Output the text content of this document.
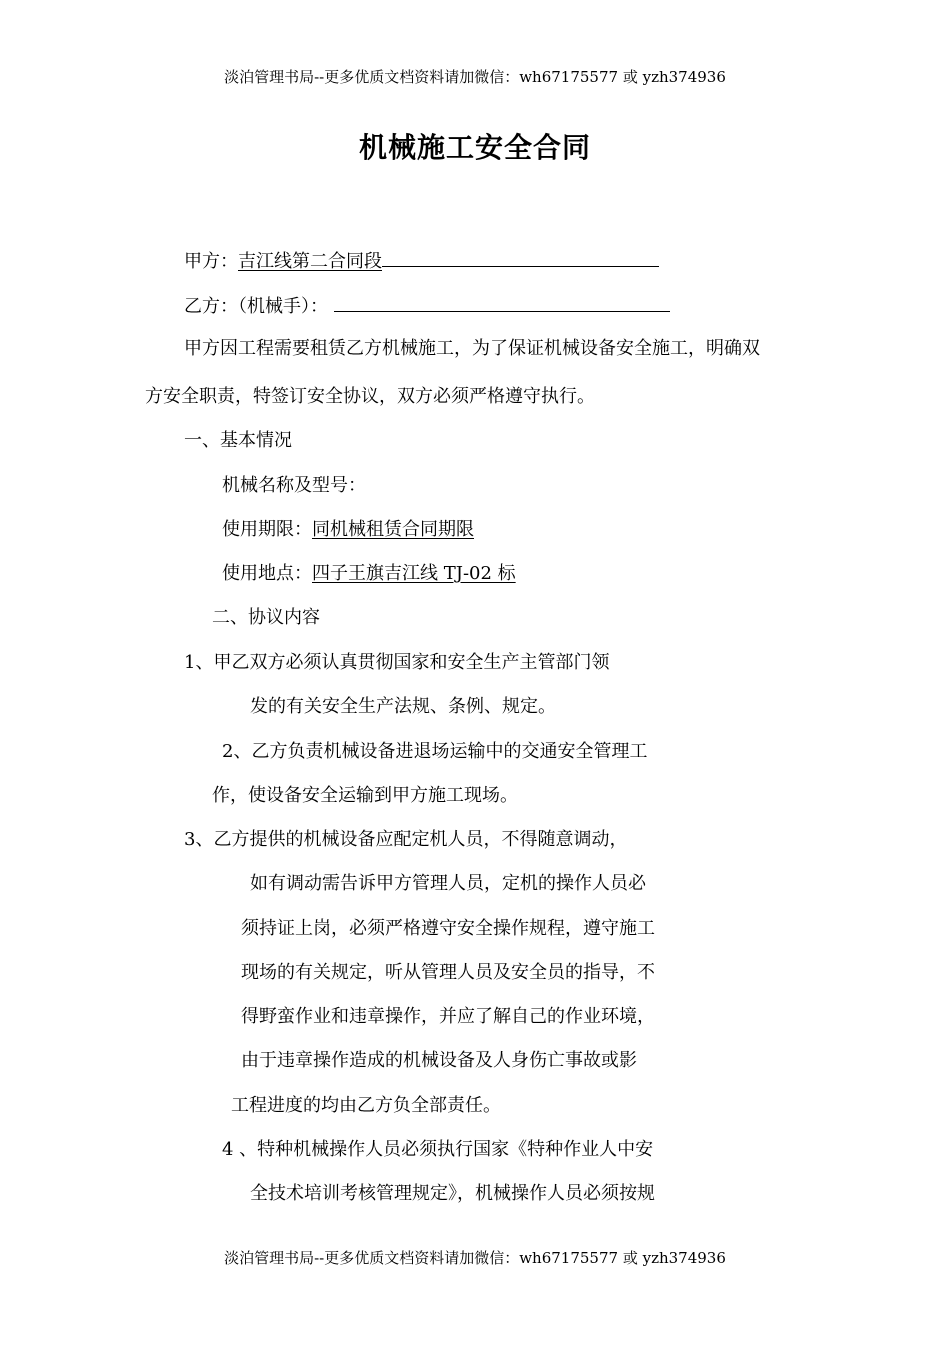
淡泊管理书局--更多优质文档资料请加微信：wh67175577 或 yzh374936
机械施工安全合同
甲方：吉江线第二合同段
乙方：（机械手）：
甲方因工程需要租赁乙方机械施工，为了保证机械设备安全施工，明确双
方安全职责，特签订安全协议，双方必须严格遵守执行。
一、基本情况
机械名称及型号：
使用期限：同机械租赁合同期限
使用地点：四子王旗吉江线 TJ-02 标
二、协议内容
1、甲乙双方必须认真贯彻国家和安全生产主管部门领
发的有关安全生产法规、条例、规定。
2、乙方负责机械设备进退场运输中的交通安全管理工
作，使设备安全运输到甲方施工现场。
3、乙方提供的机械设备应配定机人员，不得随意调动，
如有调动需告诉甲方管理人员，定机的操作人员必
须持证上岗，必须严格遵守安全操作规程，遵守施工
现场的有关规定，听从管理人员及安全员的指导，不
得野蛮作业和违章操作，并应了解自己的作业环境，
由于违章操作造成的机械设备及人身伤亡事故或影
工程进度的均由乙方负全部责任。
4 、特种机械操作人员必须执行国家《特种作业人中安
全技术培训考核管理规定》，机械操作人员必须按规
淡泊管理书局--更多优质文档资料请加微信：wh67175577 或 yzh374936
